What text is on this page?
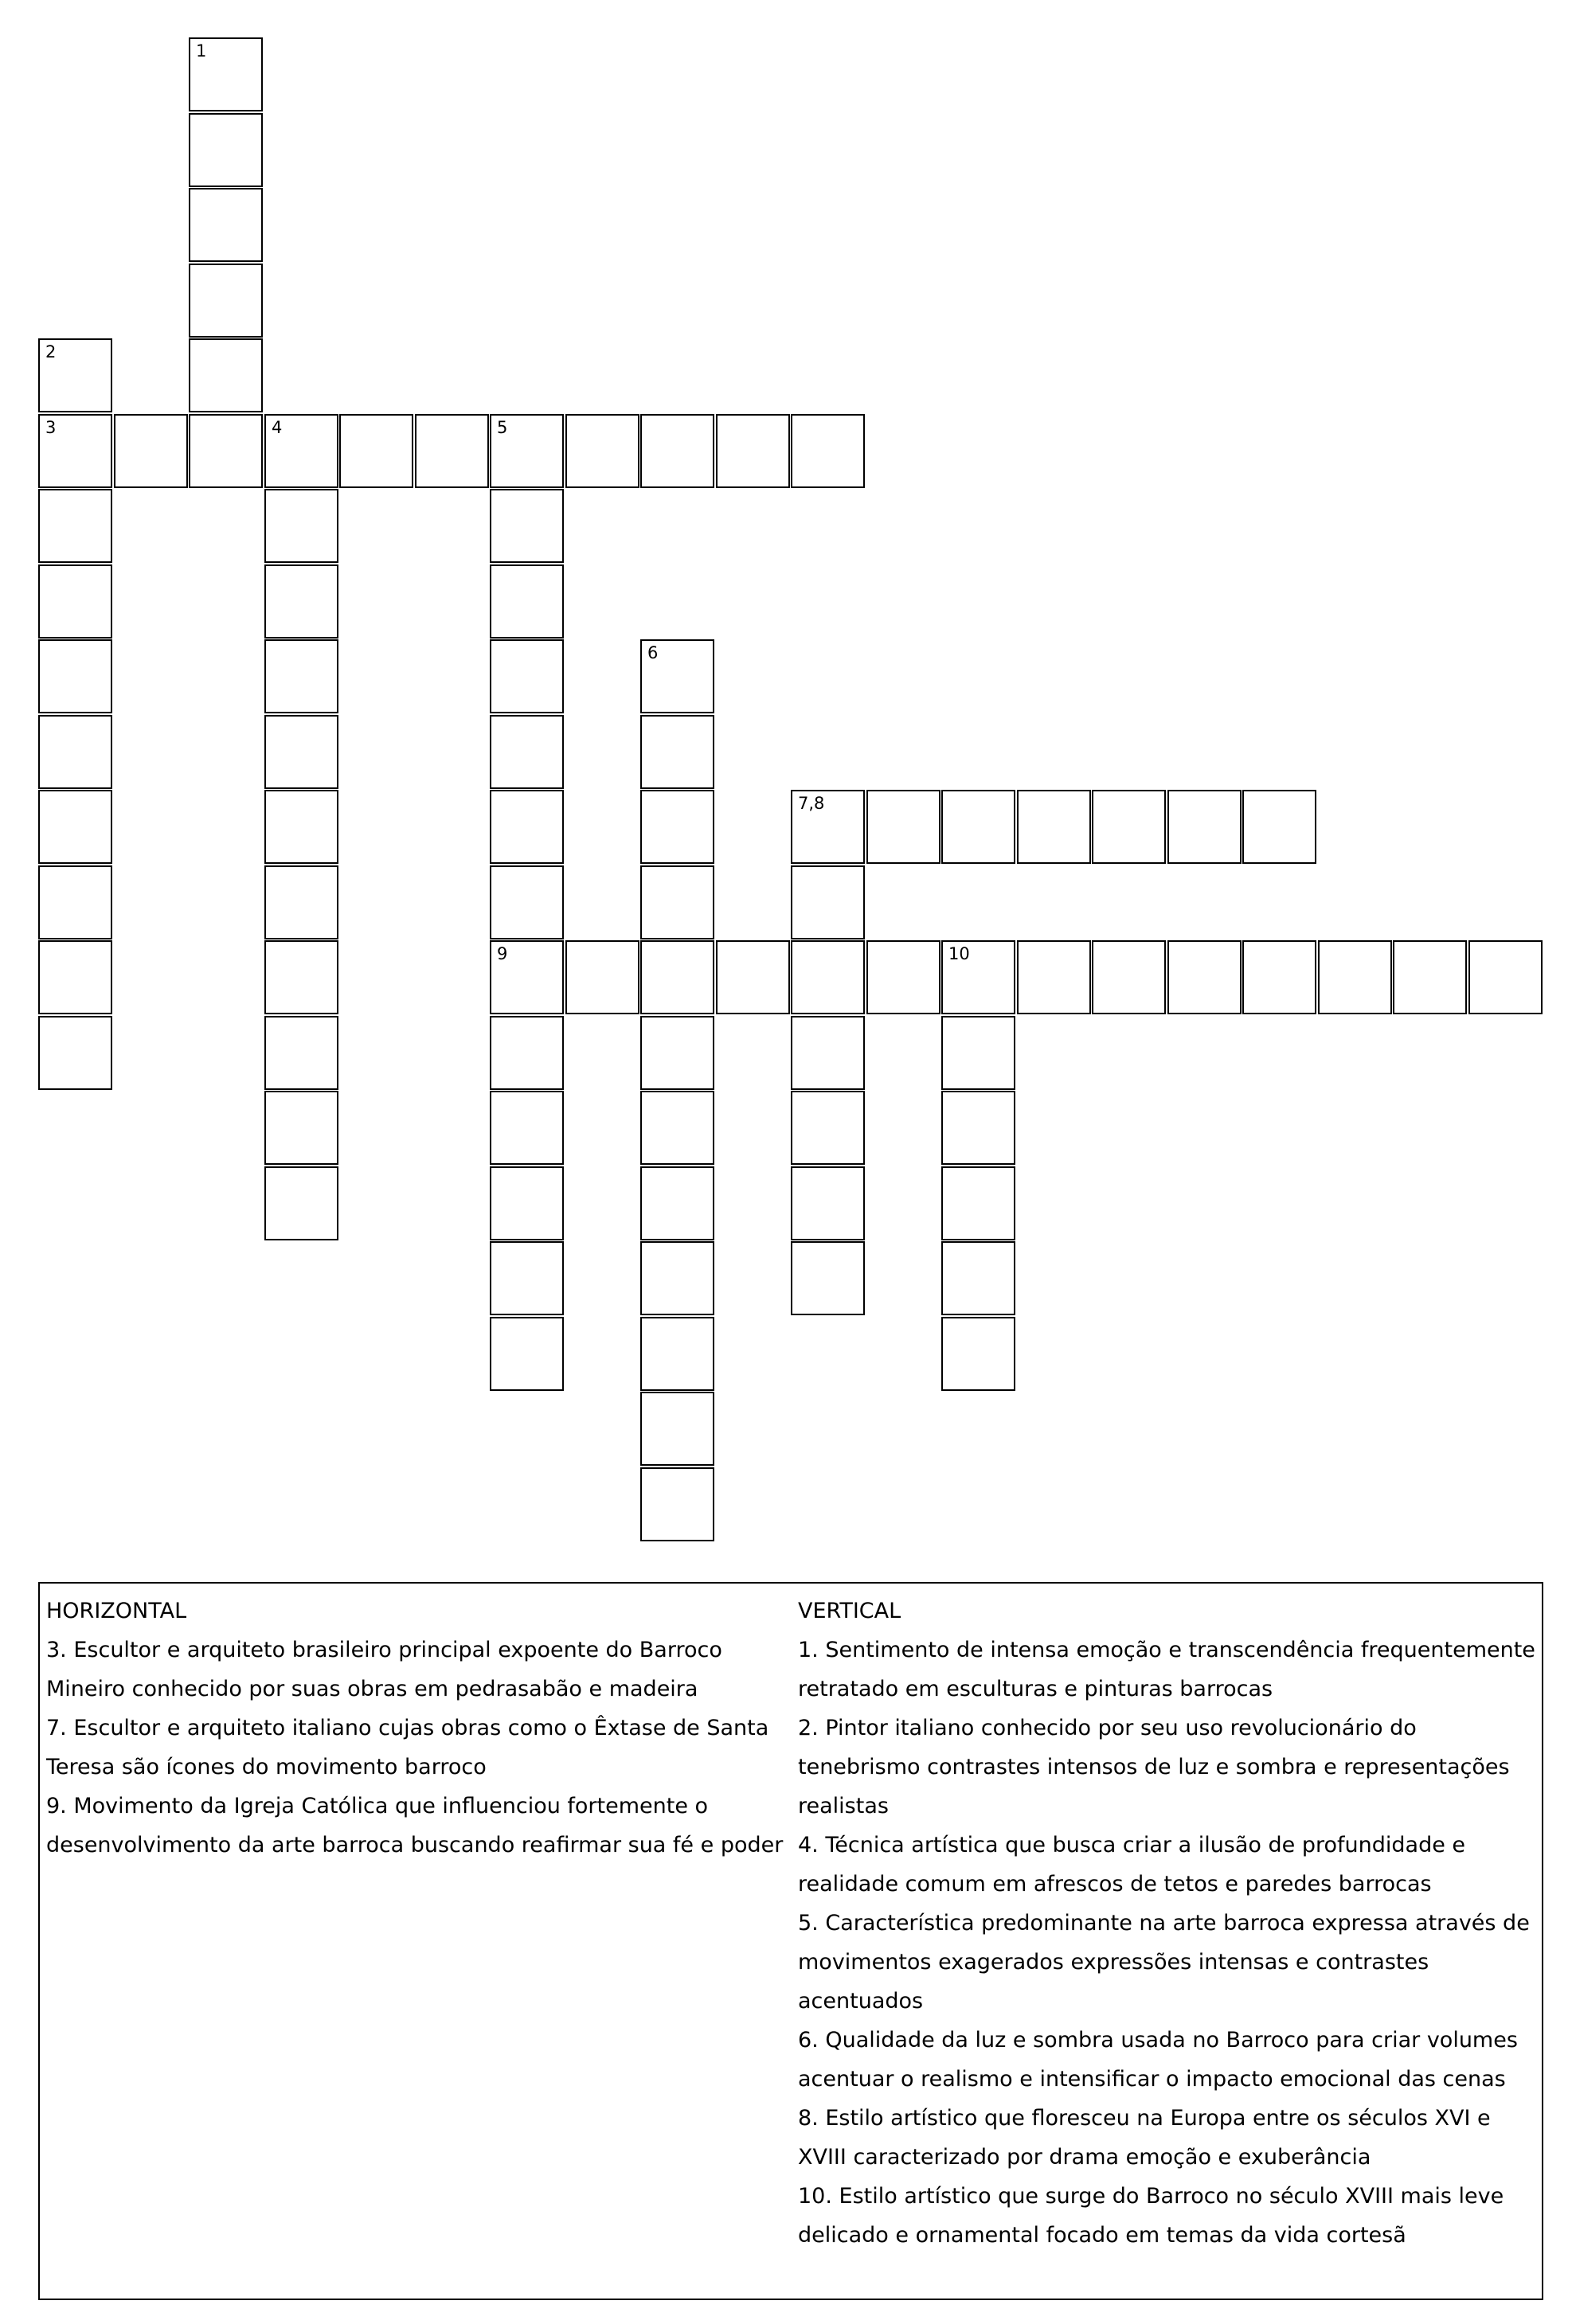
1
2
3	4	5
9
6
7,8
10
HORIZONTAL
3. Escultor e arquiteto brasileiro principal expoente do Barroco Mineiro conhecido por suas obras em pedrasabão e madeira
7. Escultor e arquiteto italiano cujas obras como o Êxtase de Santa Teresa são ícones do movimento barroco
9. Movimento da Igreja Católica que influenciou fortemente o desenvolvimento da arte barroca buscando reafirmar sua fé e poder
VERTICAL
1. Sentimento de intensa emoção e transcendência frequentemente retratado em esculturas e pinturas barrocas
2. Pintor italiano conhecido por seu uso revolucionário do tenebrismo contrastes intensos de luz e sombra e representações realistas
4. Técnica artística que busca criar a ilusão de profundidade e realidade comum em afrescos de tetos e paredes barrocas
5. Característica predominante na arte barroca expressa através de movimentos exagerados expressões intensas e contrastes acentuados
6. Qualidade da luz e sombra usada no Barroco para criar volumes acentuar o realismo e intensificar o impacto emocional das cenas
8. Estilo artístico que floresceu na Europa entre os séculos XVI e XVIII caracterizado por drama emoção e exuberância
10. Estilo artístico que surge do Barroco no século XVIII mais leve delicado e ornamental focado em temas da vida cortesã
